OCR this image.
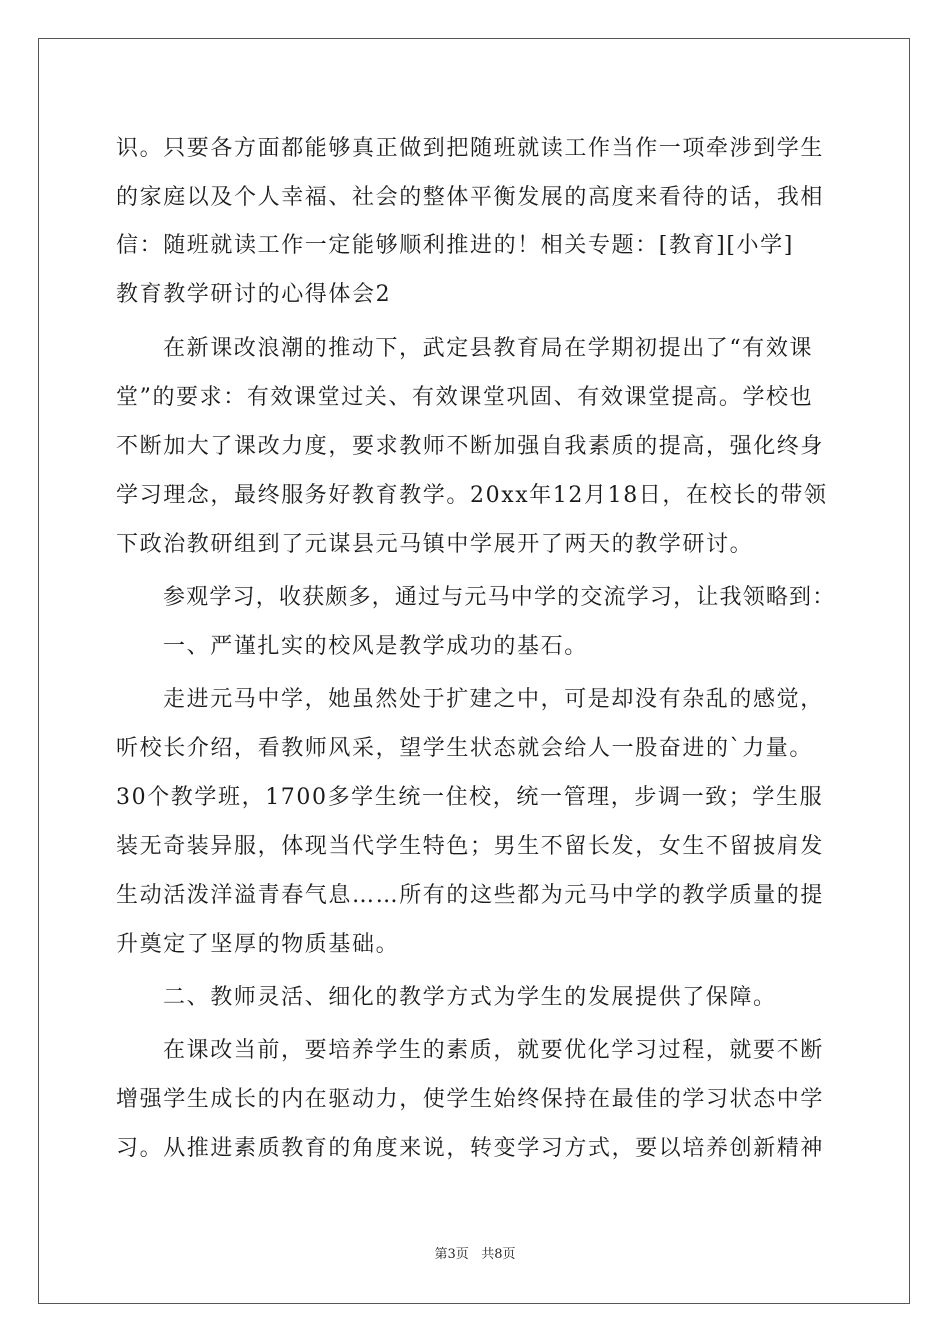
识。只要各方面都能够真正做到把随班就读工作当作一项牵涉到学生
的家庭以及个人幸福、社会的整体平衡发展的高度来看待的话，我相
信：随班就读工作一定能够顺利推进的！相关专题：[教育][小学]
教育教学研讨的心得体会2
在新课改浪潮的推动下，武定县教育局在学期初提出了“有效课
堂”的要求：有效课堂过关、有效课堂巩固、有效课堂提高。学校也
不断加大了课改力度，要求教师不断加强自我素质的提高，强化终身
学习理念，最终服务好教育教学。20xx年12月18日，在校长的带领
下政治教研组到了元谋县元马镇中学展开了两天的教学研讨。
参观学习，收获颇多，通过与元马中学的交流学习，让我领略到：
一、严谨扎实的校风是教学成功的基石。
走进元马中学，她虽然处于扩建之中，可是却没有杂乱的感觉，
听校长介绍，看教师风采，望学生状态就会给人一股奋进的`力量。
30个教学班，1700多学生统一住校，统一管理，步调一致；学生服
装无奇装异服，体现当代学生特色；男生不留长发，女生不留披肩发
生动活泼洋溢青春气息……所有的这些都为元马中学的教学质量的提
升奠定了坚厚的物质基础。
二、教师灵活、细化的教学方式为学生的发展提供了保障。
在课改当前，要培养学生的素质，就要优化学习过程，就要不断
增强学生成长的内在驱动力，使学生始终保持在最佳的学习状态中学
习。从推进素质教育的角度来说，转变学习方式，要以培养创新精神
第3页 共8页
